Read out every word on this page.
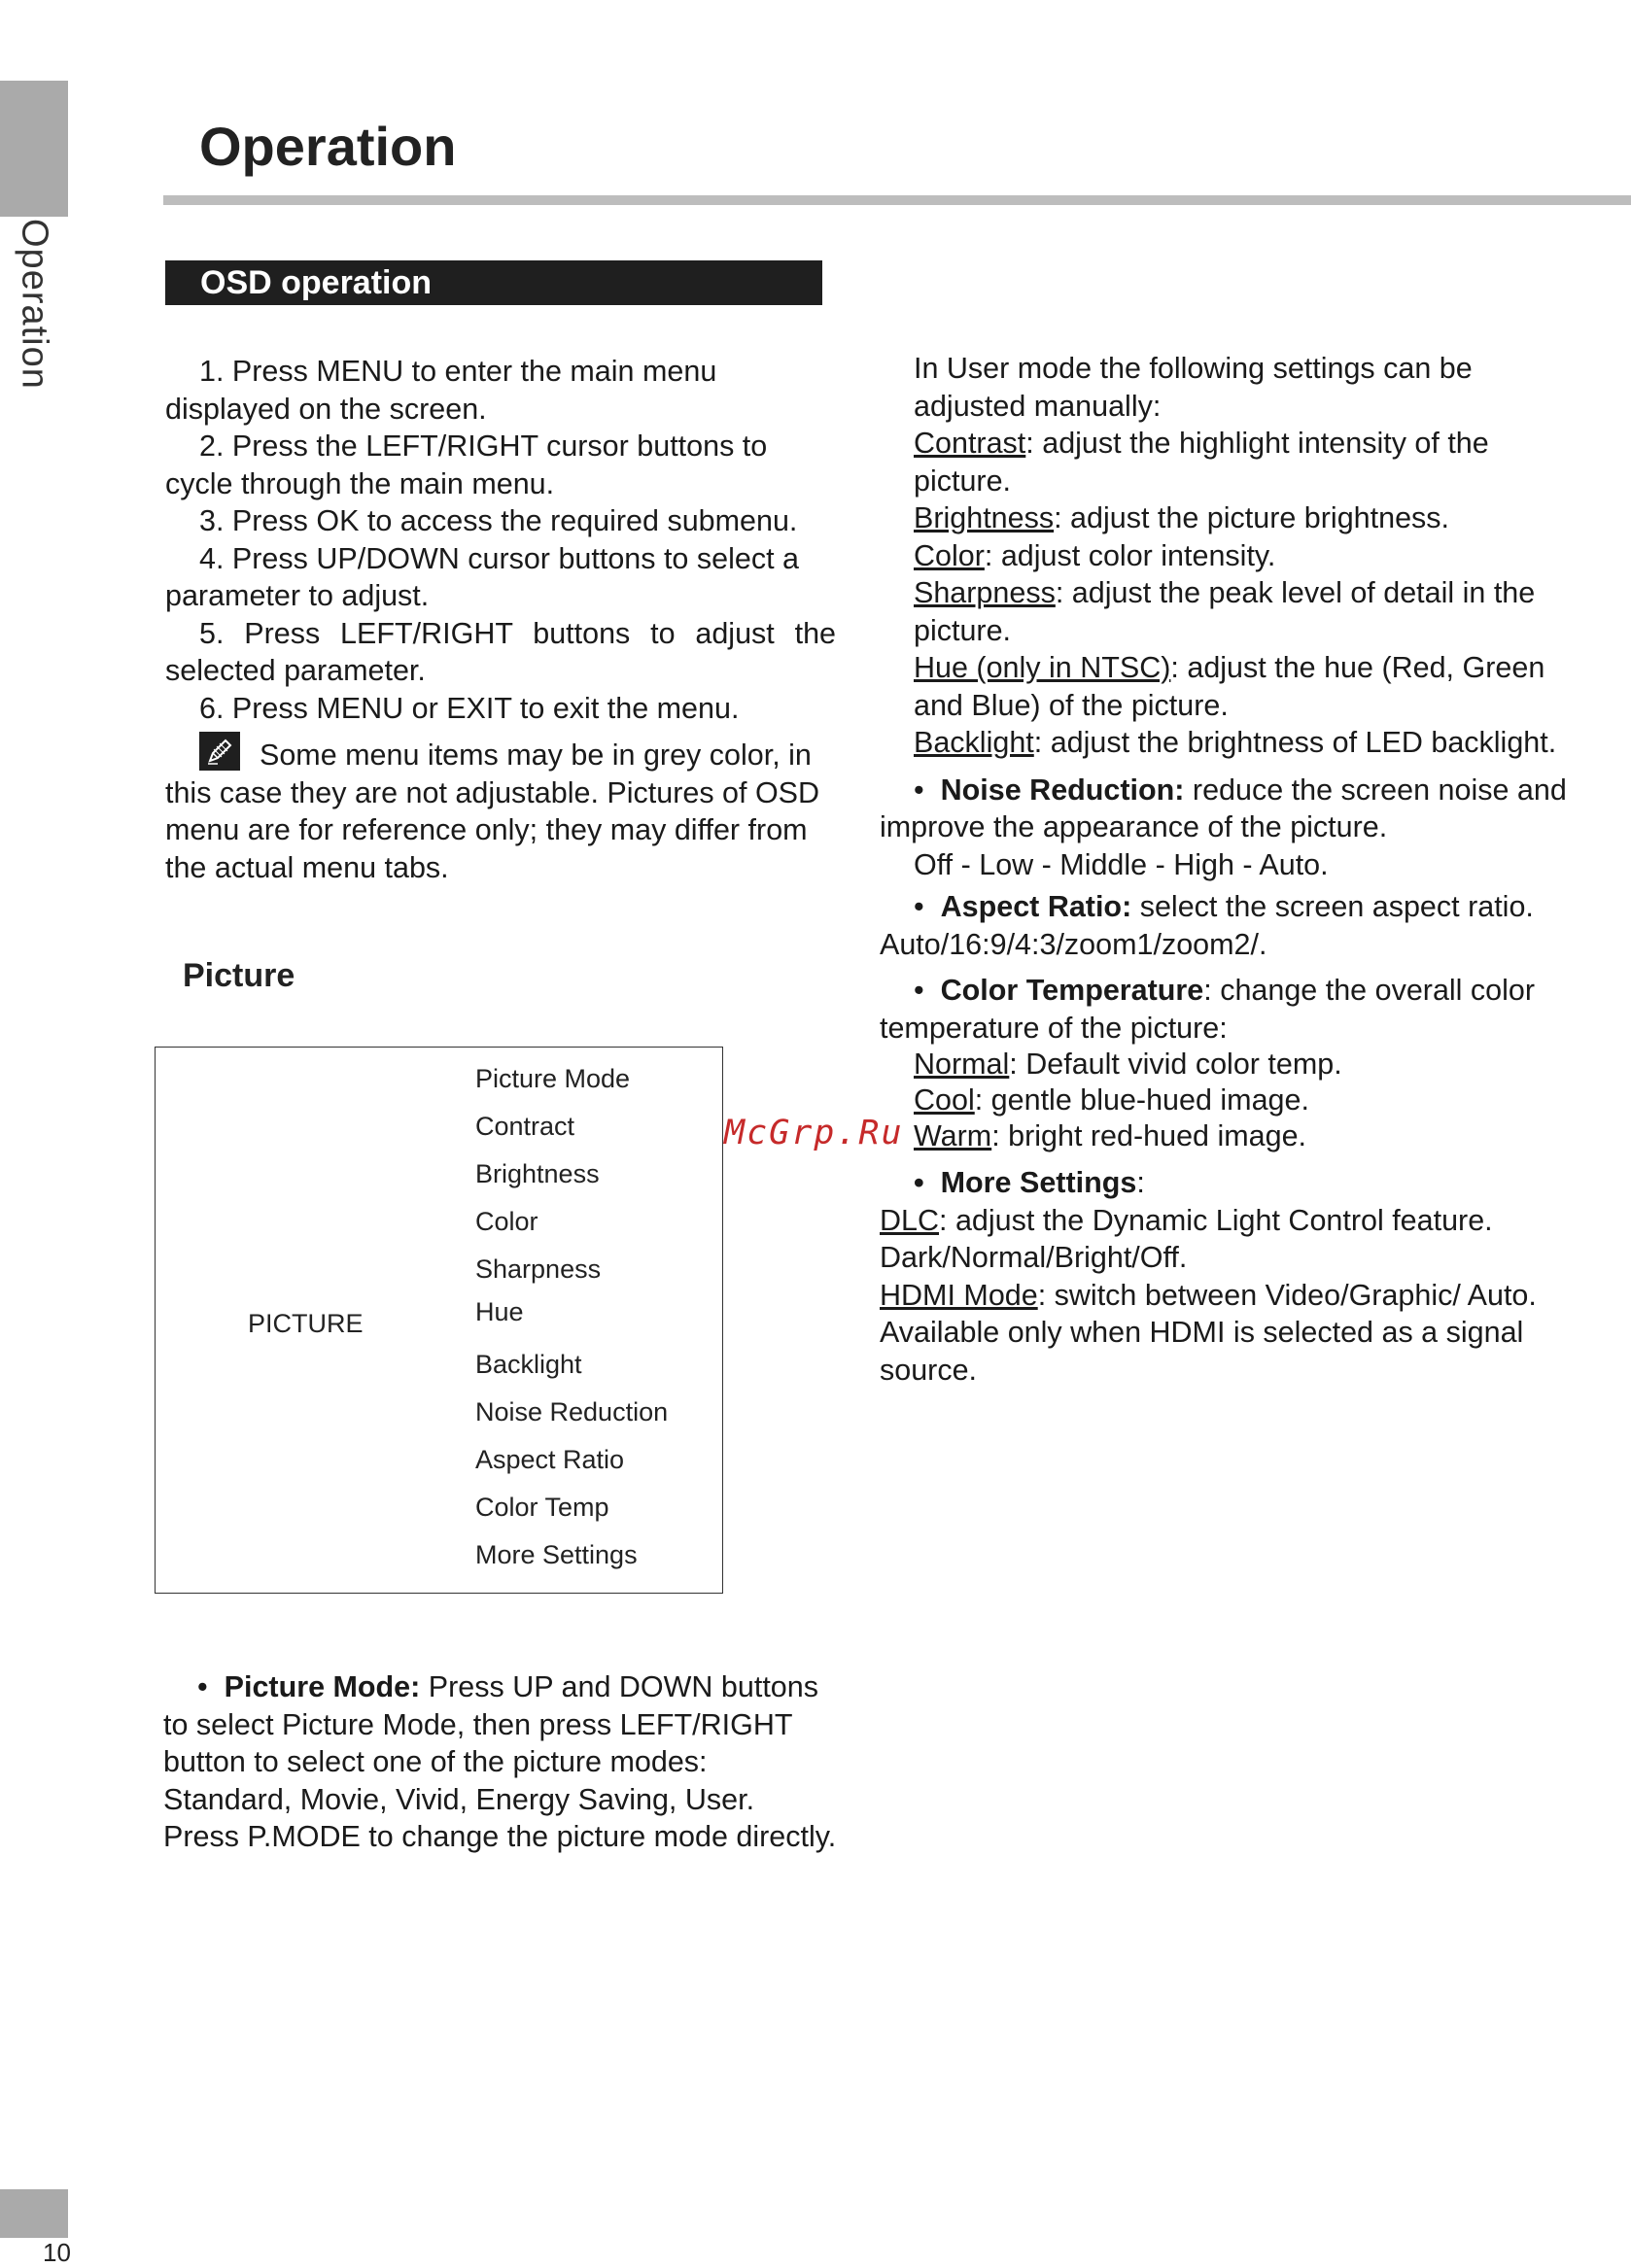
Operation
10
Operation
OSD operation

1. Press MENU to enter the main menu displayed on the screen.

2. Press the LEFT/RIGHT cursor buttons to cycle through the main menu.

3. Press OK to access the required submenu.

4. Press UP/DOWN cursor buttons to select a parameter to adjust.

5. Press LEFT/RIGHT buttons to adjust the selected parameter.

6. Press MENU or EXIT to exit the menu.

Some menu items may be in grey color, in this case they are not adjustable. Pictures of OSD menu are for reference only; they may differ from the actual menu tabs.

Picture
PICTURE
Picture Mode
Contract
Brightness
Color
Sharpness
Hue
Backlight
Noise Reduction
Aspect Ratio
Color Temp
More Settings

•  Picture Mode: Press UP and DOWN buttons to select Picture Mode, then press LEFT/RIGHT button to select one of the picture modes: Standard, Movie, Vivid, Energy Saving, User.

Press P.MODE to change the picture mode directly.

In User mode the following settings can be adjusted manually:

Contrast: adjust the highlight intensity of the picture.

Brightness: adjust the picture brightness.

Color: adjust color intensity.

Sharpness: adjust the peak level of detail in the picture.

Hue (only in NTSC): adjust the hue (Red, Green and Blue) of the picture.

Backlight: adjust the brightness of LED backlight.

•  Noise Reduction: reduce the screen noise and improve the appearance of the picture.

Off - Low - Middle - High - Auto.

•  Aspect Ratio: select the screen aspect ratio. Auto/16:9/4:3/zoom1/zoom2/.

•  Color Temperature: change the overall color temperature of the picture:

Normal: Default vivid color temp.

Cool: gentle blue-hued image.

Warm: bright red-hued image.

•  More Settings:

DLC: adjust the Dynamic Light Control feature. Dark/Normal/Bright/Off.

HDMI Mode: switch between Video/Graphic/ Auto. Available only when HDMI is selected as a signal source.

McGrp.Ru
